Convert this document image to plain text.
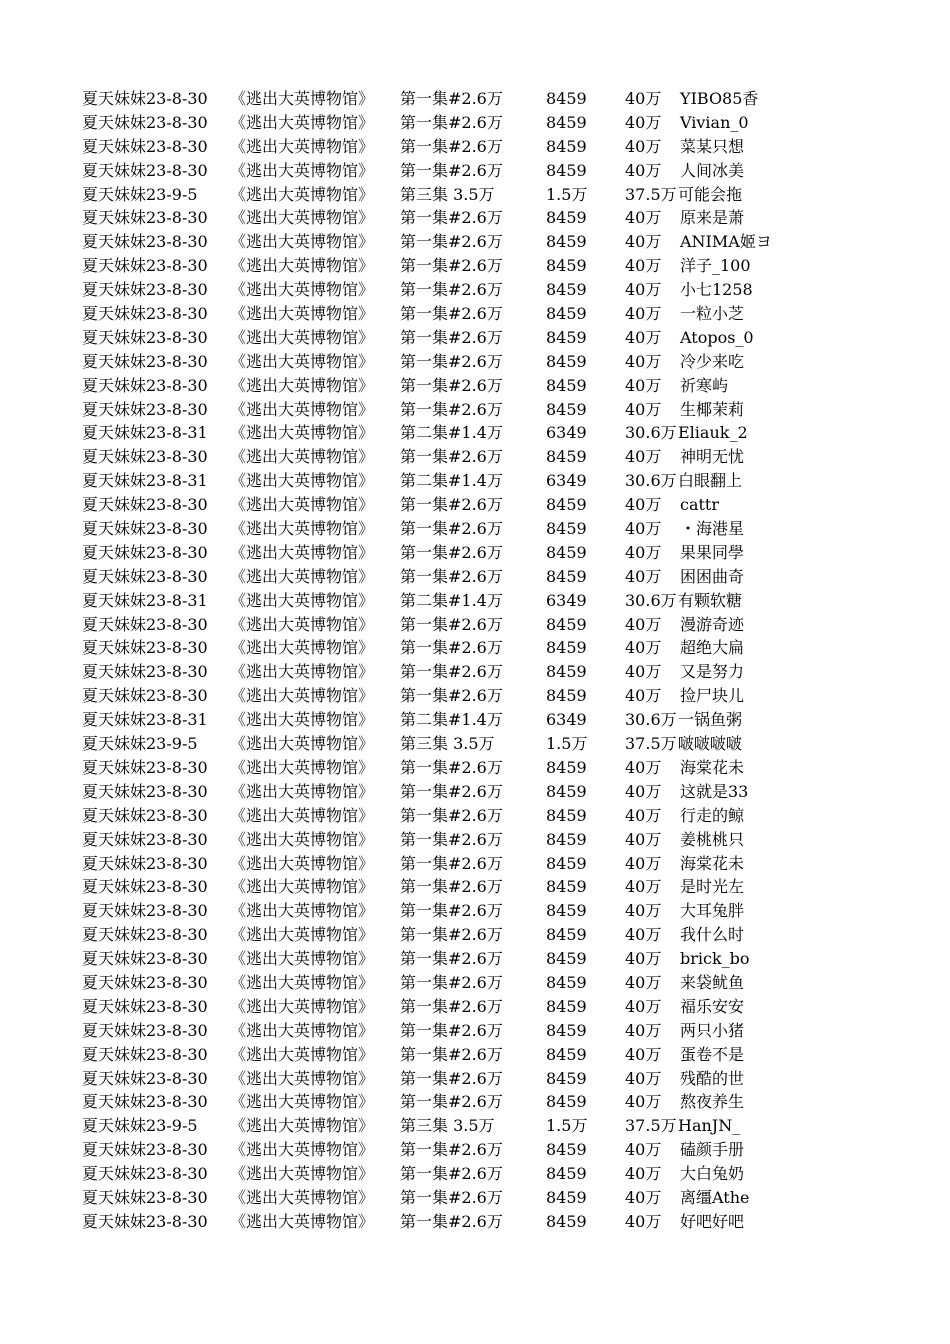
夏天妹妹23-8-30	《逃出大英博物馆》	第一集#2.6万	8459	40万	YIBO85香
夏天妹妹23-8-30	《逃出大英博物馆》	第一集#2.6万	8459	40万	Vivian_0
夏天妹妹23-8-30	《逃出大英博物馆》	第一集#2.6万	8459	40万	菜某只想
夏天妹妹23-8-30	《逃出大英博物馆》	第一集#2.6万	8459	40万	人间冰美
夏天妹妹23-9-5	《逃出大英博物馆》	第三集 3.5万	1.5万	37.5万 可能会拖
夏天妹妹23-8-30	《逃出大英博物馆》	第一集#2.6万	8459	40万	原来是萧
夏天妹妹23-8-30	《逃出大英博物馆》	第一集#2.6万	8459	40万	ANIMA姬ヨ
夏天妹妹23-8-30	《逃出大英博物馆》	第一集#2.6万	8459	40万	洋子_100
夏天妹妹23-8-30	《逃出大英博物馆》	第一集#2.6万	8459	40万	小七1258
夏天妹妹23-8-30	《逃出大英博物馆》	第一集#2.6万	8459	40万	一粒小芝
夏天妹妹23-8-30	《逃出大英博物馆》	第一集#2.6万	8459	40万	Atopos_0
夏天妹妹23-8-30	《逃出大英博物馆》	第一集#2.6万	8459	40万	冷少来吃
夏天妹妹23-8-30	《逃出大英博物馆》	第一集#2.6万	8459	40万	祈寒屿
夏天妹妹23-8-30	《逃出大英博物馆》	第一集#2.6万	8459	40万	生椰茉莉
夏天妹妹23-8-31	《逃出大英博物馆》	第二集#1.4万	6349	30.6万 Eliauk_2
夏天妹妹23-8-30	《逃出大英博物馆》	第一集#2.6万	8459	40万	神明无忧
夏天妹妹23-8-31	《逃出大英博物馆》	第二集#1.4万	6349	30.6万 白眼翻上
夏天妹妹23-8-30	《逃出大英博物馆》	第一集#2.6万	8459	40万	cattr
夏天妹妹23-8-30	《逃出大英博物馆》	第一集#2.6万	8459	40万	・海港星
夏天妹妹23-8-30	《逃出大英博物馆》	第一集#2.6万	8459	40万	果果同學
夏天妹妹23-8-30	《逃出大英博物馆》	第一集#2.6万	8459	40万	困困曲奇
夏天妹妹23-8-31	《逃出大英博物馆》	第二集#1.4万	6349	30.6万 有颗软糖
夏天妹妹23-8-30	《逃出大英博物馆》	第一集#2.6万	8459	40万	漫游奇迹
夏天妹妹23-8-30	《逃出大英博物馆》	第一集#2.6万	8459	40万	超绝大扁
夏天妹妹23-8-30	《逃出大英博物馆》	第一集#2.6万	8459	40万	又是努力
夏天妹妹23-8-30	《逃出大英博物馆》	第一集#2.6万	8459	40万	捡尸块儿
夏天妹妹23-8-31	《逃出大英博物馆》	第二集#1.4万	6349	30.6万 一锅鱼粥
夏天妹妹23-9-5	《逃出大英博物馆》	第三集 3.5万	1.5万	37.5万 啵啵啵啵
夏天妹妹23-8-30	《逃出大英博物馆》	第一集#2.6万	8459	40万	海棠花未
夏天妹妹23-8-30	《逃出大英博物馆》	第一集#2.6万	8459	40万	这就是33
夏天妹妹23-8-30	《逃出大英博物馆》	第一集#2.6万	8459	40万	行走的鲸
夏天妹妹23-8-30	《逃出大英博物馆》	第一集#2.6万	8459	40万	姜桃桃只
夏天妹妹23-8-30	《逃出大英博物馆》	第一集#2.6万	8459	40万	海棠花未
夏天妹妹23-8-30	《逃出大英博物馆》	第一集#2.6万	8459	40万	是时光左
夏天妹妹23-8-30	《逃出大英博物馆》	第一集#2.6万	8459	40万	大耳兔胖
夏天妹妹23-8-30	《逃出大英博物馆》	第一集#2.6万	8459	40万	我什么时
夏天妹妹23-8-30	《逃出大英博物馆》	第一集#2.6万	8459	40万	brick_bo
夏天妹妹23-8-30	《逃出大英博物馆》	第一集#2.6万	8459	40万	来袋鱿鱼
夏天妹妹23-8-30	《逃出大英博物馆》	第一集#2.6万	8459	40万	福乐安安
夏天妹妹23-8-30	《逃出大英博物馆》	第一集#2.6万	8459	40万	两只小猪
夏天妹妹23-8-30	《逃出大英博物馆》	第一集#2.6万	8459	40万	蛋卷不是
夏天妹妹23-8-30	《逃出大英博物馆》	第一集#2.6万	8459	40万	残酷的世
夏天妹妹23-8-30	《逃出大英博物馆》	第一集#2.6万	8459	40万	熬夜养生
夏天妹妹23-9-5	《逃出大英博物馆》	第三集 3.5万	1.5万	37.5万 HanJN_
夏天妹妹23-8-30	《逃出大英博物馆》	第一集#2.6万	8459	40万	磕颜手册
夏天妹妹23-8-30	《逃出大英博物馆》	第一集#2.6万	8459	40万	大白兔奶
夏天妹妹23-8-30	《逃出大英博物馆》	第一集#2.6万	8459	40万	离缰Athe
夏天妹妹23-8-30	《逃出大英博物馆》	第一集#2.6万	8459	40万	好吧好吧
